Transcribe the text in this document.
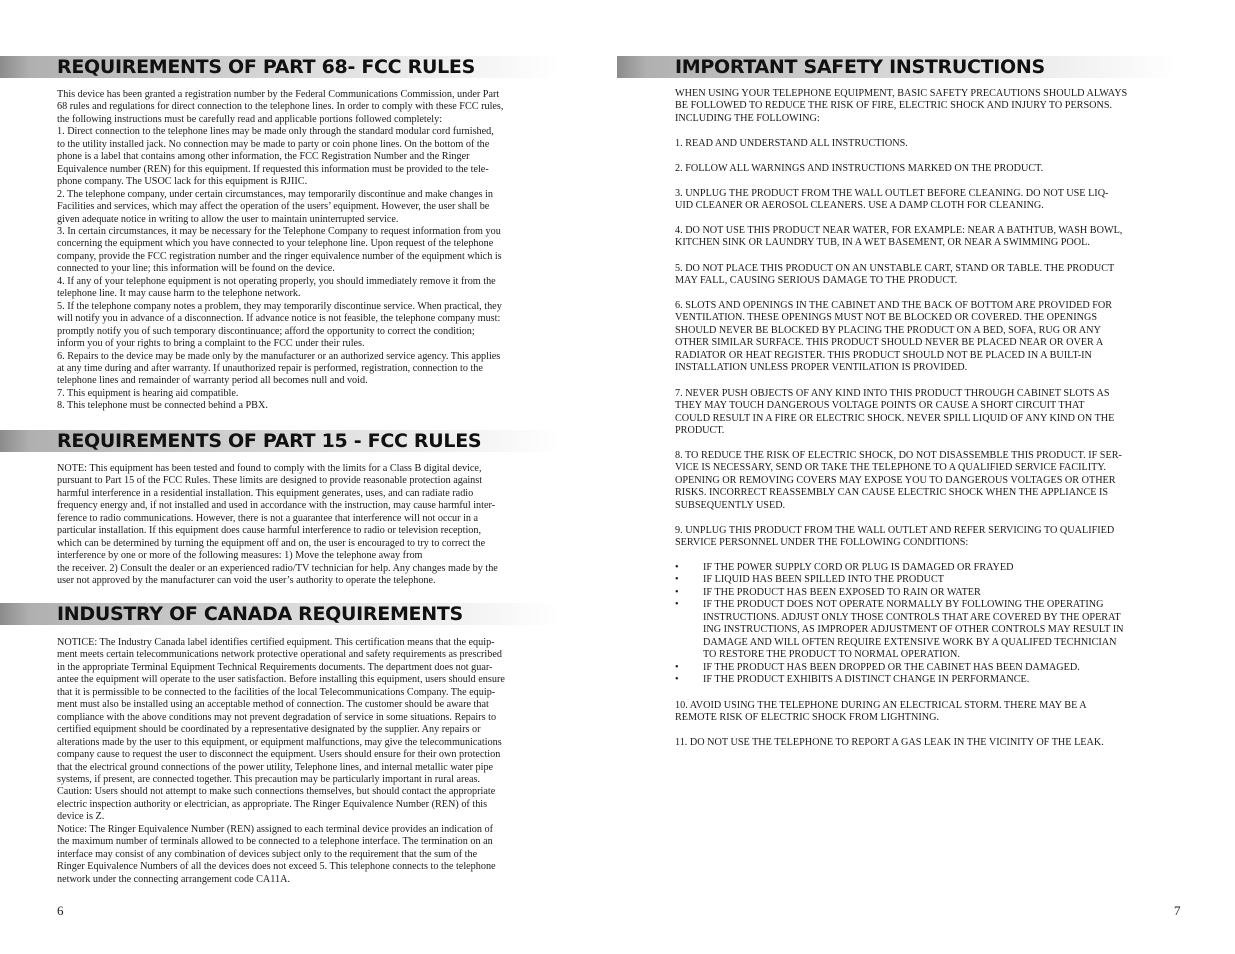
REQUIREMENTS OF PART 68- FCC RULES

This device has been granted a registration number by the Federal Communications Commission, under Part

68 rules and regulations for direct connection to the telephone lines. In order to comply with these FCC rules,

the following instructions must be carefully read and applicable portions followed completely:

1. Direct connection to the telephone lines may be made only through the standard modular cord furnished,

to the utility installed jack. No connection may be made to party or coin phone lines. On the bottom of the

phone is a label that contains among other information, the FCC Registration Number and the Ringer

Equivalence number (REN) for this equipment. If requested this information must be provided to the tele-

phone company. The USOC lack for this equipment is RJIIC.

2. The telephone company, under certain circumstances, may temporarily discontinue and make changes in

Facilities and services, which may affect the operation of the users’ equipment. However, the user shall be

given adequate notice in writing to allow the user to maintain uninterrupted service.

3. In certain circumstances, it may be necessary for the Telephone Company to request information from you

concerning the equipment which you have connected to your telephone line. Upon request of the telephone

company, provide the FCC registration number and the ringer equivalence number of the equipment which is

connected to your line; this information will be found on the device.

4. If any of your telephone equipment is not operating properly, you should immediately remove it from the

telephone line. It may cause harm to the telephone network.

5. If the telephone company notes a problem, they may temporarily discontinue service. When practical, they

will notify you in advance of a disconnection. If advance notice is not feasible, the telephone company must:

promptly notify you of such temporary discontinuance; afford the opportunity to correct the condition;

inform you of your rights to bring a complaint to the FCC under their rules.

6. Repairs to the device may be made only by the manufacturer or an authorized service agency. This applies

at any time during and after warranty. If unauthorized repair is performed, registration, connection to the

telephone lines and remainder of warranty period all becomes null and void.

7. This equipment is hearing aid compatible.

8. This telephone must be connected behind a PBX.

REQUIREMENTS OF PART 15 - FCC RULES

NOTE: This equipment has been tested and found to comply with the limits for a Class B digital device,

pursuant to Part 15 of the FCC Rules. These limits are designed to provide reasonable protection against

harmful interference in a residential installation. This equipment generates, uses, and can radiate radio

frequency energy and, if not installed and used in accordance with the instruction, may cause harmful inter-

ference to radio communications. However, there is not a guarantee that interference will not occur in a

particular installation. If this equipment does cause harmful interference to radio or television reception,

which can be determined by turning the equipment off and on, the user is encouraged to try to correct the

interference by one or more of the following measures: 1) Move the telephone away from

the receiver. 2) Consult the dealer or an experienced radio/TV technician for help. Any changes made by the

user not approved by the manufacturer can void the user’s authority to operate the telephone.

INDUSTRY OF CANADA REQUIREMENTS

NOTICE: The Industry Canada label identifies certified equipment. This certification means that the equip-

ment meets certain telecommunications network protective operational and safety requirements as prescribed

in the appropriate Terminal Equipment Technical Requirements documents. The department does not guar-

antee the equipment will operate to the user satisfaction. Before installing this equipment, users should ensure

that it is permissible to be connected to the facilities of the local Telecommunications Company. The equip-

ment must also be installed using an acceptable method of connection. The customer should be aware that

compliance with the above conditions may not prevent degradation of service in some situations. Repairs to

certified equipment should be coordinated by a representative designated by the supplier. Any repairs or

alterations made by the user to this equipment, or equipment malfunctions, may give the telecommunications

company cause to request the user to disconnect the equipment. Users should ensure for their own protection

that the electrical ground connections of the power utility, Telephone lines, and internal metallic water pipe

systems, if present, are connected together. This precaution may be particularly important in rural areas.

Caution: Users should not attempt to make such connections themselves, but should contact the appropriate

electric inspection authority or electrician, as appropriate. The Ringer Equivalence Number (REN) of this

device is Z.

Notice: The Ringer Equivalence Number (REN) assigned to each terminal device provides an indication of

the maximum number of terminals allowed to be connected to a telephone interface. The termination on an

interface may consist of any combination of devices subject only to the requirement that the sum of the

Ringer Equivalence Numbers of all the devices does not exceed 5. This telephone connects to the telephone

network under the connecting arrangement code CA11A.

6
IMPORTANT SAFETY INSTRUCTIONS
7

WHEN USING YOUR TELEPHONE EQUIPMENT, BASIC SAFETY PRECAUTIONS SHOULD ALWAYS

BE FOLLOWED TO REDUCE THE RISK OF FIRE, ELECTRIC SHOCK AND INJURY TO PERSONS.

INCLUDING THE FOLLOWING:

1. READ AND UNDERSTAND ALL INSTRUCTIONS.

2. FOLLOW ALL WARNINGS AND INSTRUCTIONS MARKED ON THE PRODUCT.

3. UNPLUG THE PRODUCT FROM THE WALL OUTLET BEFORE CLEANING. DO NOT USE LIQ-

UID CLEANER OR AEROSOL CLEANERS. USE A DAMP CLOTH FOR CLEANING.

4. DO NOT USE THIS PRODUCT NEAR WATER, FOR EXAMPLE: NEAR A BATHTUB, WASH BOWL,

KITCHEN SINK OR LAUNDRY TUB, IN A WET BASEMENT, OR NEAR A SWIMMING POOL.

5. DO NOT PLACE THIS PRODUCT ON AN UNSTABLE CART, STAND OR TABLE. THE PRODUCT

MAY FALL, CAUSING SERIOUS DAMAGE TO THE PRODUCT.

6. SLOTS AND OPENINGS IN THE CABINET AND THE BACK OF BOTTOM ARE PROVIDED FOR

VENTILATION. THESE OPENINGS MUST NOT BE BLOCKED OR COVERED. THE OPENINGS

SHOULD NEVER BE BLOCKED BY PLACING THE PRODUCT ON A BED, SOFA, RUG OR ANY

OTHER SIMILAR SURFACE. THIS PRODUCT SHOULD NEVER BE PLACED NEAR OR OVER A

RADIATOR OR HEAT REGISTER. THIS PRODUCT SHOULD NOT BE PLACED IN A BUILT-IN

INSTALLATION UNLESS PROPER VENTILATION IS PROVIDED.

7. NEVER PUSH OBJECTS OF ANY KIND INTO THIS PRODUCT THROUGH CABINET SLOTS AS

THEY MAY TOUCH DANGEROUS VOLTAGE POINTS OR CAUSE A SHORT CIRCUIT THAT

COULD RESULT IN A FIRE OR ELECTRIC SHOCK. NEVER SPILL LIQUID OF ANY KIND ON THE

PRODUCT.

8. TO REDUCE THE RISK OF ELECTRIC SHOCK, DO NOT DISASSEMBLE THIS PRODUCT. IF SER-

VICE IS NECESSARY, SEND OR TAKE THE TELEPHONE TO A QUALIFIED SERVICE FACILITY.

OPENING OR REMOVING COVERS MAY EXPOSE YOU TO DANGEROUS VOLTAGES OR OTHER

RISKS. INCORRECT REASSEMBLY CAN CAUSE ELECTRIC SHOCK WHEN THE APPLIANCE IS

SUBSEQUENTLY USED.

9. UNPLUG THIS PRODUCT FROM THE WALL OUTLET AND REFER SERVICING TO QUALIFIED

SERVICE PERSONNEL UNDER THE FOLLOWING CONDITIONS:

• IF THE POWER SUPPLY CORD OR PLUG IS DAMAGED OR FRAYED
• IF LIQUID HAS BEEN SPILLED INTO THE PRODUCT
• IF THE PRODUCT HAS BEEN EXPOSED TO RAIN OR WATER
• IF THE PRODUCT DOES NOT OPERATE NORMALLY BY FOLLOWING THE OPERATING
INSTRUCTIONS. ADJUST ONLY THOSE CONTROLS THAT ARE COVERED BY THE OPERAT
ING INSTRUCTIONS, AS IMPROPER ADJUSTMENT OF OTHER CONTROLS MAY RESULT IN
DAMAGE AND WILL OFTEN REQUIRE EXTENSIVE WORK BY A QUALIFED TECHNICIAN
TO RESTORE THE PRODUCT TO NORMAL OPERATION.
• IF THE PRODUCT HAS BEEN DROPPED OR THE CABINET HAS BEEN DAMAGED.
• IF THE PRODUCT EXHIBITS A DISTINCT CHANGE IN PERFORMANCE.

10. AVOID USING THE TELEPHONE DURING AN ELECTRICAL STORM. THERE MAY BE A

REMOTE RISK OF ELECTRIC SHOCK FROM LIGHTNING.

11. DO NOT USE THE TELEPHONE TO REPORT A GAS LEAK IN THE VICINITY OF THE LEAK.
